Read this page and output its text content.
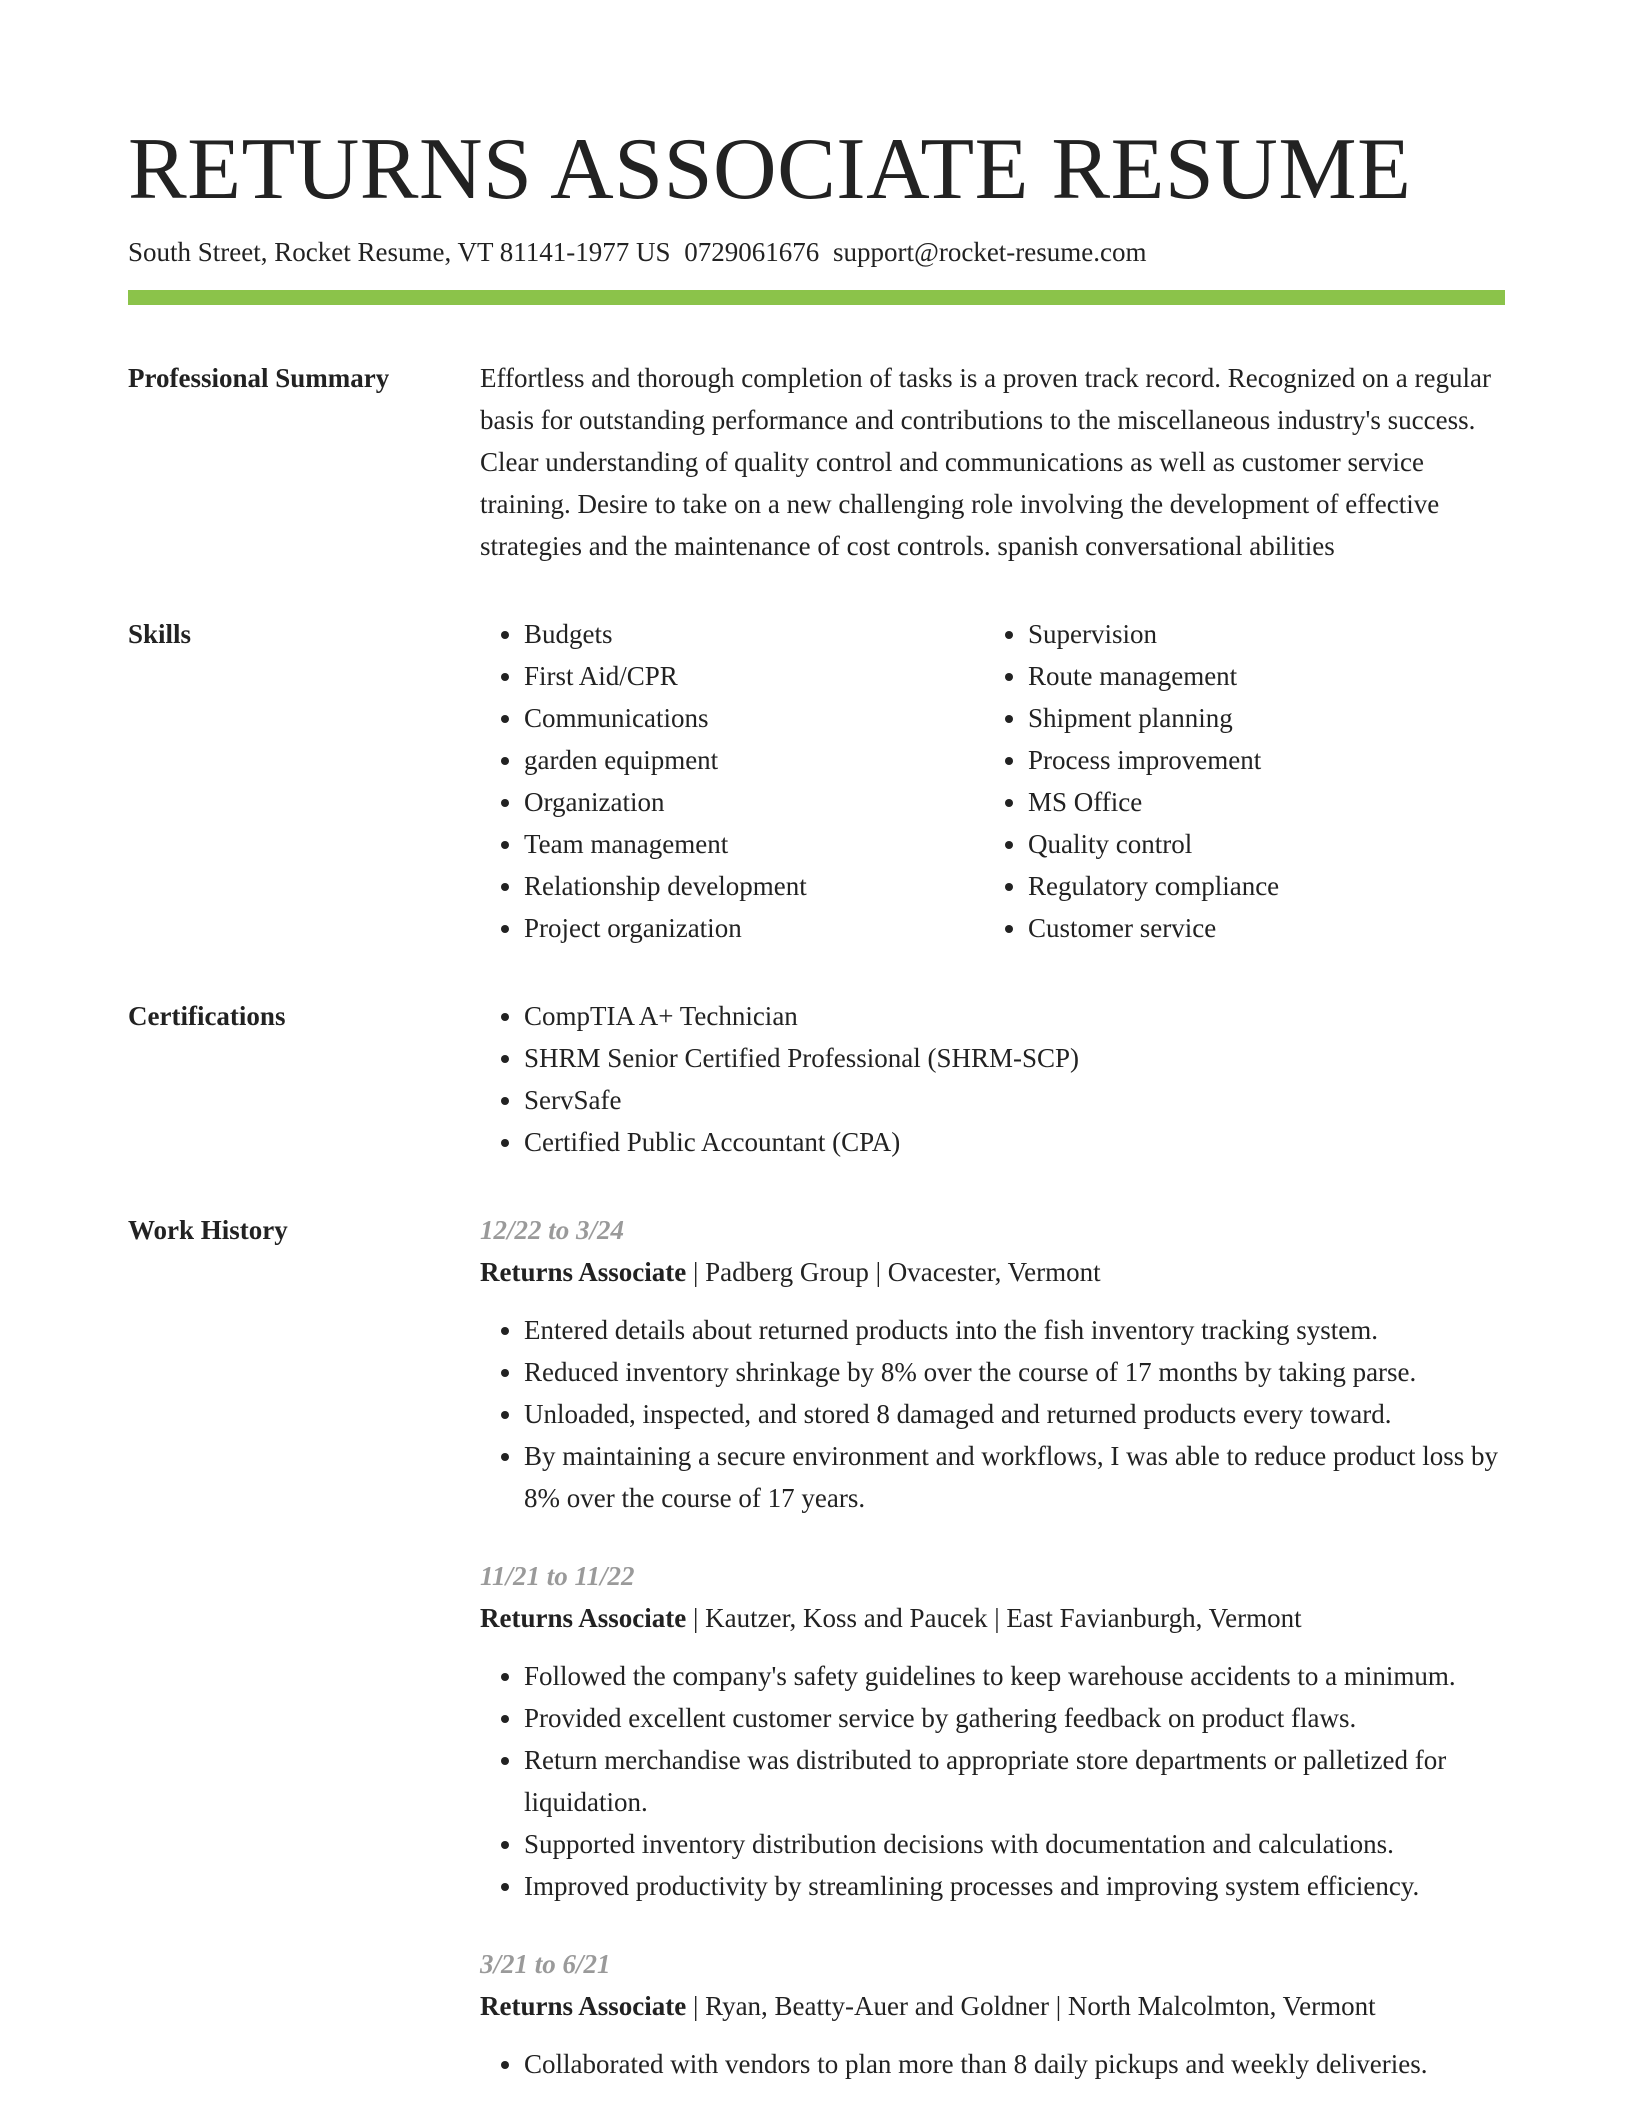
RETURNS ASSOCIATE RESUME
South Street, Rocket Resume, VT 81141-1977 US 0729061676 support@rocket-resume.com
Professional Summary	Effortless and thorough completion of tasks is a proven track record. Recognized on a regular basis for outstanding performance and contributions to the miscellaneous industry's success. Clear understanding of quality control and communications as well as customer service training. Desire to take on a new challenging role involving the development of effective strategies and the maintenance of cost controls. spanish conversational abilities

Skills	• Budgets
• First Aid/CPR
• Communications
• garden equipment
• Organization
• Team management
• Relationship development
• Project organization
• Supervision
• Route management
• Shipment planning
• Process improvement
• MS Office
• Quality control
• Regulatory compliance
• Customer service
Certifications	• CompTIA A+ Technician
• SHRM Senior Certified Professional (SHRM-SCP)
• ServSafe
• Certified Public Accountant (CPA)
Work History	12/22 to 3/24
Returns Associate | Padberg Group | Ovacester, Vermont
• Entered details about returned products into the fish inventory tracking system.
• Reduced inventory shrinkage by 8% over the course of 17 months by taking parse.
• Unloaded, inspected, and stored 8 damaged and returned products every toward.
• By maintaining a secure environment and workflows, I was able to reduce product loss by 8% over the course of 17 years.
11/21 to 11/22
Returns Associate | Kautzer, Koss and Paucek | East Favianburgh, Vermont
• Followed the company's safety guidelines to keep warehouse accidents to a minimum.
• Provided excellent customer service by gathering feedback on product flaws.
• Return merchandise was distributed to appropriate store departments or palletized for liquidation.
• Supported inventory distribution decisions with documentation and calculations.
• Improved productivity by streamlining processes and improving system efficiency.
3/21 to 6/21
Returns Associate | Ryan, Beatty-Auer and Goldner | North Malcolmton, Vermont
• Collaborated with vendors to plan more than 8 daily pickups and weekly deliveries.
